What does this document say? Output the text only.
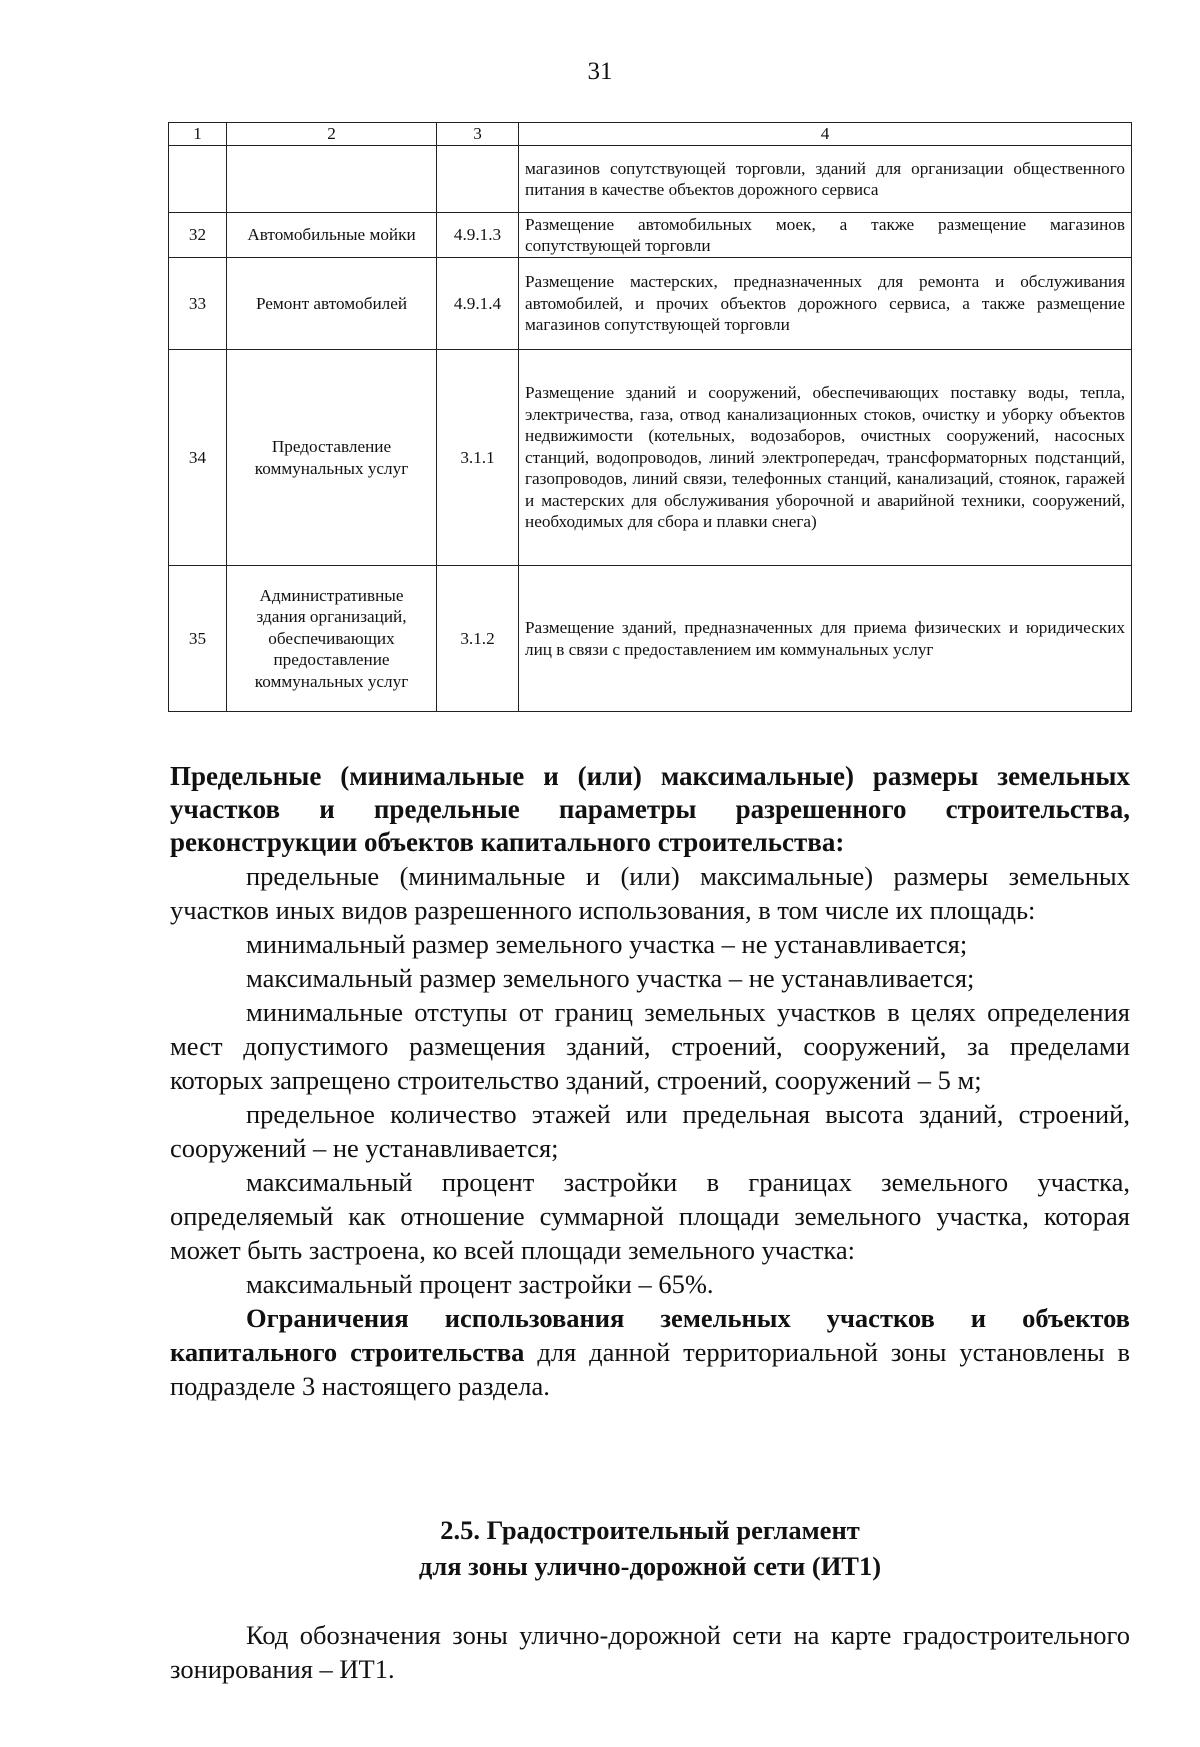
31
1	2	3	4
			магазинов сопутствующей торговли, зданий для организации общественного питания в качестве объектов дорожного сервиса
32	Автомобильные мойки	4.9.1.3	Размещение автомобильных моек, а также размещение магазинов сопутствующей торговли
33	Ремонт автомобилей	4.9.1.4	Размещение мастерских, предназначенных для ремонта и обслуживания автомобилей, и прочих объектов дорожного сервиса, а также размещение магазинов сопутствующей торговли
34	Предоставление коммунальных услуг	3.1.1	Размещение зданий и сооружений, обеспечивающих поставку воды, тепла, электричества, газа, отвод канализационных стоков, очистку и уборку объектов недвижимости (котельных, водозаборов, очистных сооружений, насосных станций, водопроводов, линий электропередач, трансформаторных подстанций, газопроводов, линий связи, телефонных станций, канализаций, стоянок, гаражей и мастерских для обслуживания уборочной и аварийной техники, сооружений, необходимых для сбора и плавки снега)
35	Административные здания организаций, обеспечивающих предоставление коммунальных услуг	3.1.2	Размещение зданий, предназначенных для приема физических и юридических лиц в связи с предоставлением им коммунальных услуг

Предельные (минимальные и (или) максимальные) размеры земельных участков и предельные параметры разрешенного строительства, реконструкции объектов капитального строительства:

предельные (минимальные и (или) максимальные) размеры земельных участков иных видов разрешенного использования, в том числе их площадь:

минимальный размер земельного участка – не устанавливается;

максимальный размер земельного участка – не устанавливается;

минимальные отступы от границ земельных участков в целях определения мест допустимого размещения зданий, строений, сооружений, за пределами которых запрещено строительство зданий, строений, сооружений – 5 м;

предельное количество этажей или предельная высота зданий, строений, сооружений – не устанавливается;

максимальный процент застройки в границах земельного участка, определяемый как отношение суммарной площади земельного участка, которая может быть застроена, ко всей площади земельного участка:

максимальный процент застройки – 65%.

Ограничения использования земельных участков и объектов капитального строительства для данной территориальной зоны установлены в подразделе 3 настоящего раздела.

2.5. Градостроительный регламент
для зоны улично-дорожной сети (ИТ1)

Код обозначения зоны улично-дорожной сети на карте градостроительного зонирования – ИТ1.
